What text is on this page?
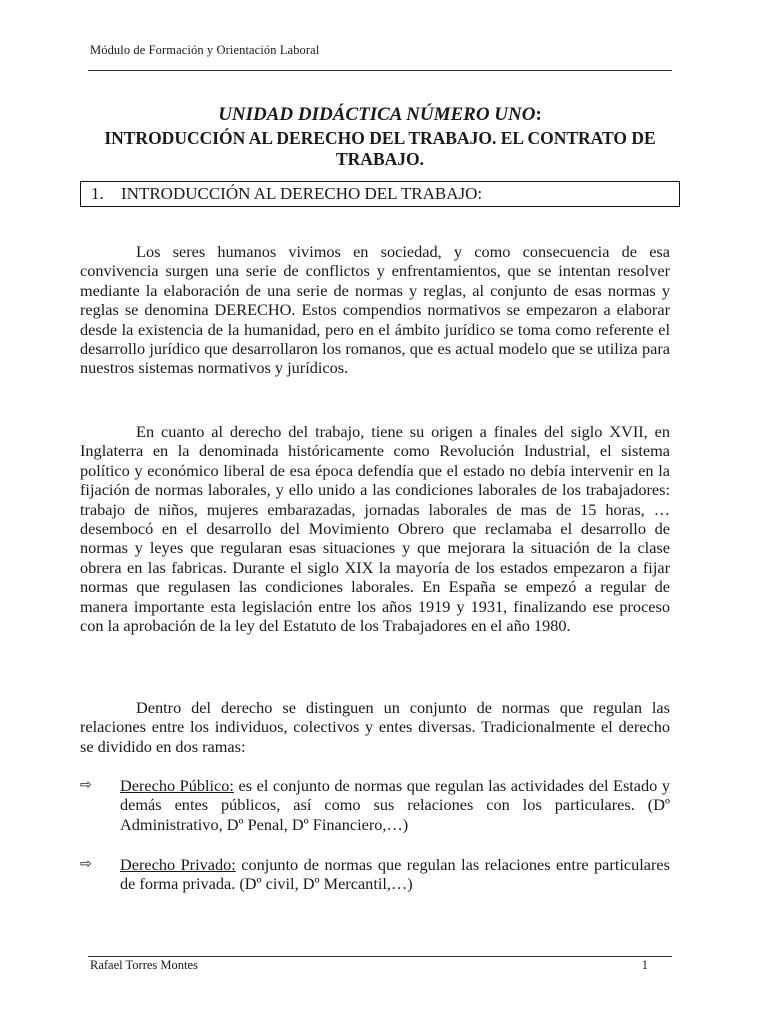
Módulo de Formación y Orientación Laboral
UNIDAD DIDÁCTICA NÚMERO UNO:
INTRODUCCIÓN AL DERECHO DEL TRABAJO. EL CONTRATO DE TRABAJO.
1. INTRODUCCIÓN AL DERECHO DEL TRABAJO:
Los seres humanos vivimos en sociedad, y como consecuencia de esa convivencia surgen una serie de conflictos y enfrentamientos, que se intentan resolver mediante la elaboración de una serie de normas y reglas, al conjunto de esas normas y reglas se denomina DERECHO. Estos compendios normativos se empezaron a elaborar desde la existencia de la humanidad, pero en el ámbito jurídico se toma como referente el desarrollo jurídico que desarrollaron los romanos, que es actual modelo que se utiliza para nuestros sistemas normativos y jurídicos.
En cuanto al derecho del trabajo, tiene su origen a finales del siglo XVII, en Inglaterra en la denominada históricamente como Revolución Industrial, el sistema político y económico liberal de esa época defendía que el estado no debía intervenir en la fijación de normas laborales, y ello unido a las condiciones laborales de los trabajadores: trabajo de niños, mujeres embarazadas, jornadas laborales de mas de 15 horas, … desembocó en el desarrollo del Movimiento Obrero que reclamaba el desarrollo de normas y leyes que regularan esas situaciones y que mejorara la situación de la clase obrera en las fabricas. Durante el siglo XIX la mayoría de los estados empezaron a fijar normas que regulasen las condiciones laborales. En España se empezó a regular de manera importante esta legislación entre los años 1919 y 1931, finalizando ese proceso con la aprobación de la ley del Estatuto de los Trabajadores en el año 1980.
Dentro del derecho se distinguen un conjunto de normas que regulan las relaciones entre los individuos, colectivos y entes diversas. Tradicionalmente el derecho se dividido en dos ramas:
⇨	Derecho Público: es el conjunto de normas que regulan las actividades del Estado y demás entes públicos, así como sus relaciones con los particulares. (Dº Administrativo, Dº Penal, Dº Financiero,…)
⇨	Derecho Privado: conjunto de normas que regulan las relaciones entre particulares de forma privada. (Dº civil, Dº Mercantil,…)
Rafael Torres Montes	1
